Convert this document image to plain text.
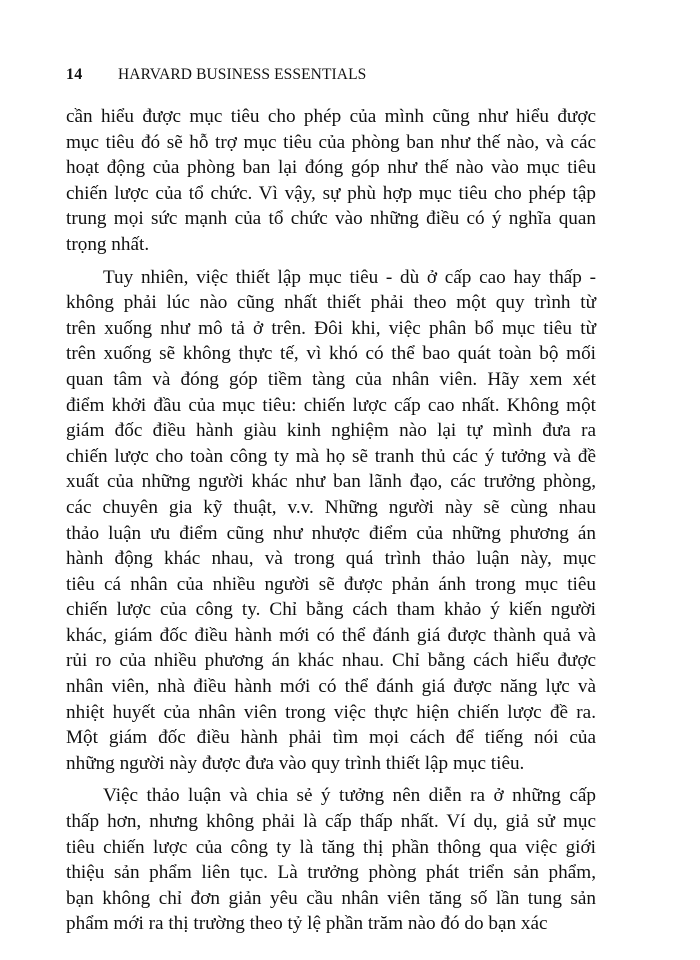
14	HARVARD BUSINESS ESSENTIALS

cần hiểu được mục tiêu cho phép của mình cũng như hiểu được
mục tiêu đó sẽ hỗ trợ mục tiêu của phòng ban như thế nào, và các
hoạt động của phòng ban lại đóng góp như thế nào vào mục tiêu
chiến lược của tổ chức. Vì vậy, sự phù hợp mục tiêu cho phép tập
trung mọi sức mạnh của tổ chức vào những điều có ý nghĩa quan
trọng nhất.

Tuy nhiên, việc thiết lập mục tiêu - dù ở cấp cao hay thấp -
không phải lúc nào cũng nhất thiết phải theo một quy trình từ
trên xuống như mô tả ở trên. Đôi khi, việc phân bổ mục tiêu từ
trên xuống sẽ không thực tế, vì khó có thể bao quát toàn bộ mối
quan tâm và đóng góp tiềm tàng của nhân viên. Hãy xem xét
điểm khởi đầu của mục tiêu: chiến lược cấp cao nhất. Không một
giám đốc điều hành giàu kinh nghiệm nào lại tự mình đưa ra
chiến lược cho toàn công ty mà họ sẽ tranh thủ các ý tưởng và đề
xuất của những người khác như ban lãnh đạo, các trưởng phòng,
các chuyên gia kỹ thuật, v.v. Những người này sẽ cùng nhau
thảo luận ưu điểm cũng như nhược điểm của những phương án
hành động khác nhau, và trong quá trình thảo luận này, mục
tiêu cá nhân của nhiều người sẽ được phản ánh trong mục tiêu
chiến lược của công ty. Chỉ bằng cách tham khảo ý kiến người
khác, giám đốc điều hành mới có thể đánh giá được thành quả và
rủi ro của nhiều phương án khác nhau. Chỉ bằng cách hiểu được
nhân viên, nhà điều hành mới có thể đánh giá được năng lực và
nhiệt huyết của nhân viên trong việc thực hiện chiến lược đề ra.
Một giám đốc điều hành phải tìm mọi cách để tiếng nói của
những người này được đưa vào quy trình thiết lập mục tiêu.

Việc thảo luận và chia sẻ ý tưởng nên diễn ra ở những cấp
thấp hơn, nhưng không phải là cấp thấp nhất. Ví dụ, giả sử mục
tiêu chiến lược của công ty là tăng thị phần thông qua việc giới
thiệu sản phẩm liên tục. Là trưởng phòng phát triển sản phẩm,
bạn không chỉ đơn giản yêu cầu nhân viên tăng số lần tung sản
phẩm mới ra thị trường theo tỷ lệ phần trăm nào đó do bạn xác
